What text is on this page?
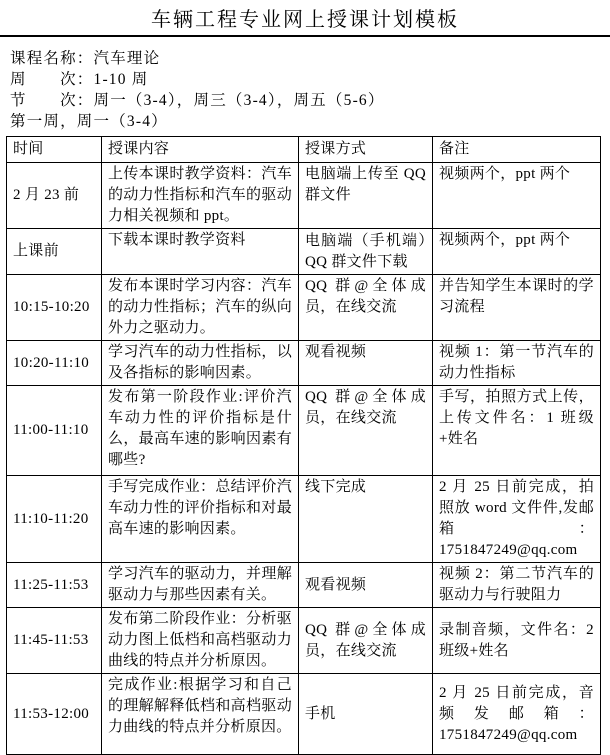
车辆工程专业网上授课计划模板
课程名称：汽车理论
周　　次：1-10 周
节　　次：周一（3-4），周三（3-4），周五（5-6）
第一周，周一（3-4）
时间	授课内容	授课方式	备注
2 月 23 前	上传本课时教学资料：汽车的动力性指标和汽车的驱动力相关视频和 ppt。	电脑端上传至 QQ 群文件	视频两个，ppt 两个
上课前	下载本课时教学资料	电脑端（手机端）QQ 群文件下载	视频两个，ppt 两个
10:15-10:20	发布本课时学习内容：汽车的动力性指标；汽车的纵向外力之驱动力。	QQ 群@全体成员，在线交流	并告知学生本课时的学习流程
10:20-11:10	学习汽车的动力性指标，以及各指标的影响因素。	观看视频	视频 1：第一节汽车的动力性指标
11:00-11:10	发布第一阶段作业:评价汽车动力性的评价指标是什么，最高车速的影响因素有哪些?	QQ 群@全体成员，在线交流	手写，拍照方式上传，上传文件名：1 班级+姓名
11:10-11:20	手写完成作业：总结评价汽车动力性的评价指标和对最高车速的影响因素。	线下完成	2 月 25 日前完成，拍照放 word 文件件,发邮箱：1751847249@qq.com
11:25-11:53	学习汽车的驱动力，并理解驱动力与那些因素有关。	观看视频	视频 2：第二节汽车的驱动力与行驶阻力
11:45-11:53	发布第二阶段作业：分析驱动力图上低档和高档驱动力曲线的特点并分析原因。	QQ 群@全体成员，在线交流	录制音频，文件名：2 班级+姓名
11:53-12:00	完成作业:根据学习和自己的理解解释低档和高档驱动力曲线的特点并分析原因。	手机	2 月 25 日前完成，音频发邮箱：1751847249@qq.com
